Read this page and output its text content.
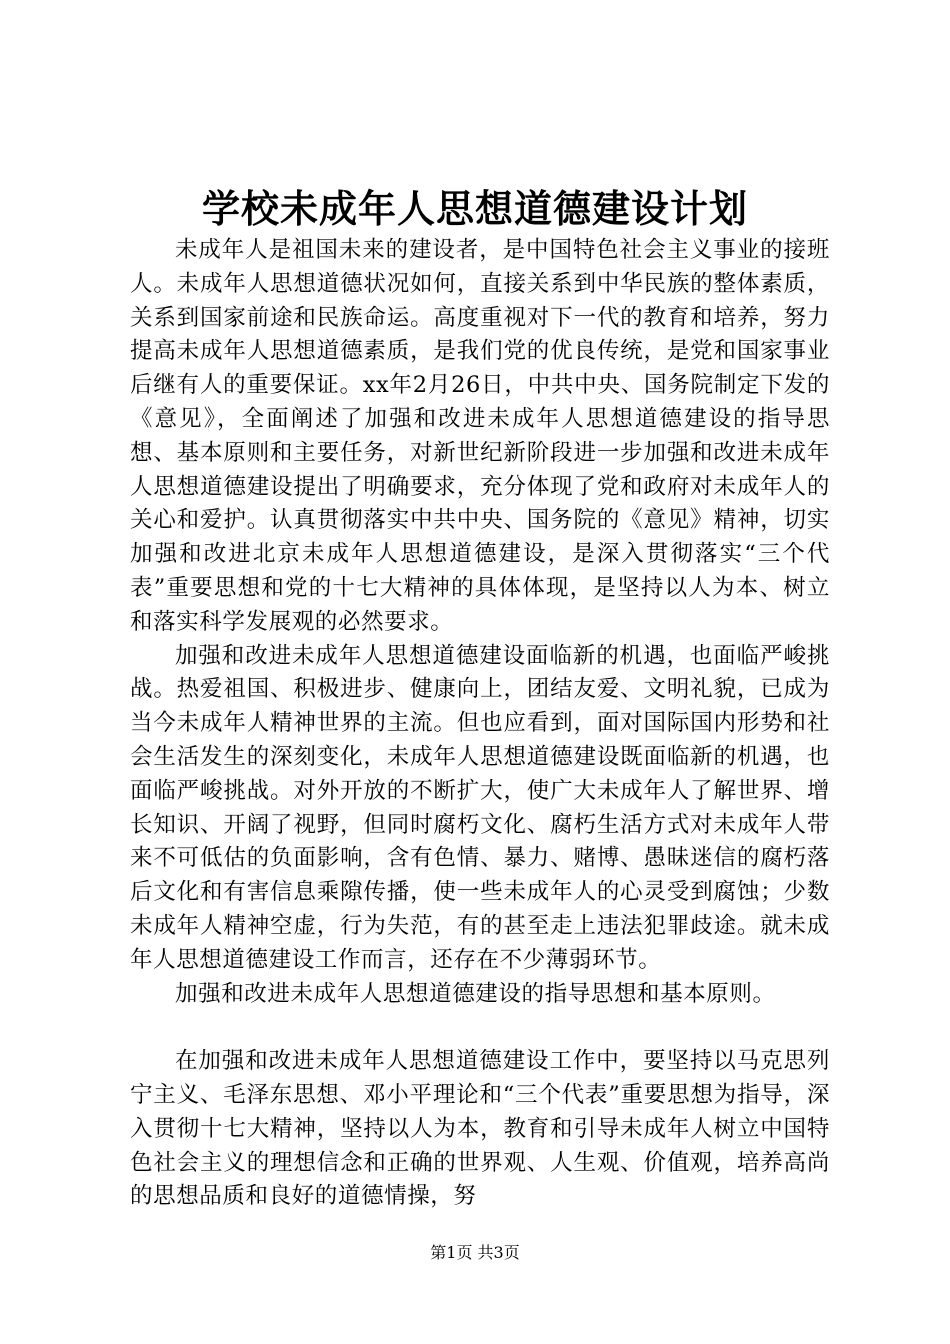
学校未成年人思想道德建设计划

未成年人是祖国未来的建设者，是中国特色社会主义事业的接班人。未成年人思想道德状况如何，直接关系到中华民族的整体素质，关系到国家前途和民族命运。高度重视对下一代的教育和培养，努力提高未成年人思想道德素质，是我们党的优良传统，是党和国家事业后继有人的重要保证。xx年2月26日，中共中央、国务院制定下发的《意见》，全面阐述了加强和改进未成年人思想道德建设的指导思想、基本原则和主要任务，对新世纪新阶段进一步加强和改进未成年人思想道德建设提出了明确要求，充分体现了党和政府对未成年人的关心和爱护。认真贯彻落实中共中央、国务院的《意见》精神，切实加强和改进北京未成年人思想道德建设，是深入贯彻落实“三个代表”重要思想和党的十七大精神的具体体现，是坚持以人为本、树立和落实科学发展观的必然要求。

加强和改进未成年人思想道德建设面临新的机遇，也面临严峻挑战。热爱祖国、积极进步、健康向上，团结友爱、文明礼貌，已成为当今未成年人精神世界的主流。但也应看到，面对国际国内形势和社会生活发生的深刻变化，未成年人思想道德建设既面临新的机遇，也面临严峻挑战。对外开放的不断扩大，使广大未成年人了解世界、增长知识、开阔了视野，但同时腐朽文化、腐朽生活方式对未成年人带来不可低估的负面影响，含有色情、暴力、赌博、愚昧迷信的腐朽落后文化和有害信息乘隙传播，使一些未成年人的心灵受到腐蚀；少数未成年人精神空虚，行为失范，有的甚至走上违法犯罪歧途。就未成年人思想道德建设工作而言，还存在不少薄弱环节。

加强和改进未成年人思想道德建设的指导思想和基本原则。

在加强和改进未成年人思想道德建设工作中，要坚持以马克思列宁主义、毛泽东思想、邓小平理论和“三个代表”重要思想为指导，深入贯彻十七大精神，坚持以人为本，教育和引导未成年人树立中国特色社会主义的理想信念和正确的世界观、人生观、价值观，培养高尚的思想品质和良好的道德情操，努

第1页 共3页
